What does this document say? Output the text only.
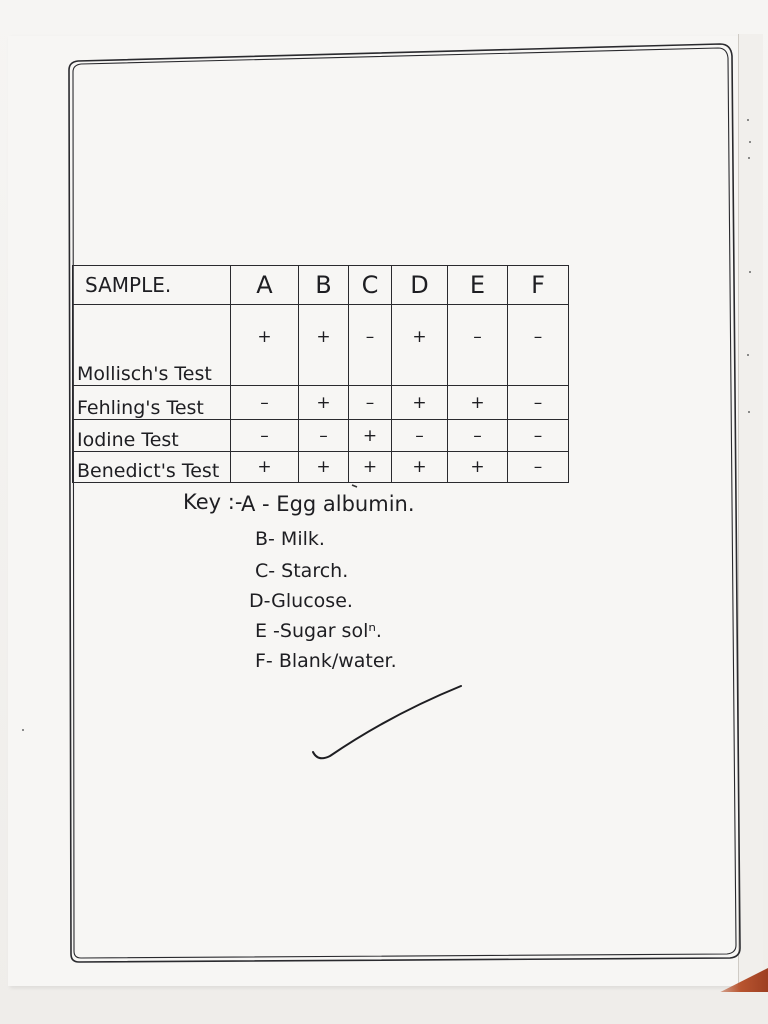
SAMPLE.	A	B	C	D	E	F
Mollisch's Test	+	+	–	+	–	–
Fehling's Test	–	+	–	+	+	–
Iodine Test	–	–	+	–	–	–
Benedict's Test	+	+	+	+	+	–
Key :-
A - Egg albumin.
B- Milk.
C- Starch.
D-Glucose.
E -Sugar solⁿ.
F- Blank/water.
